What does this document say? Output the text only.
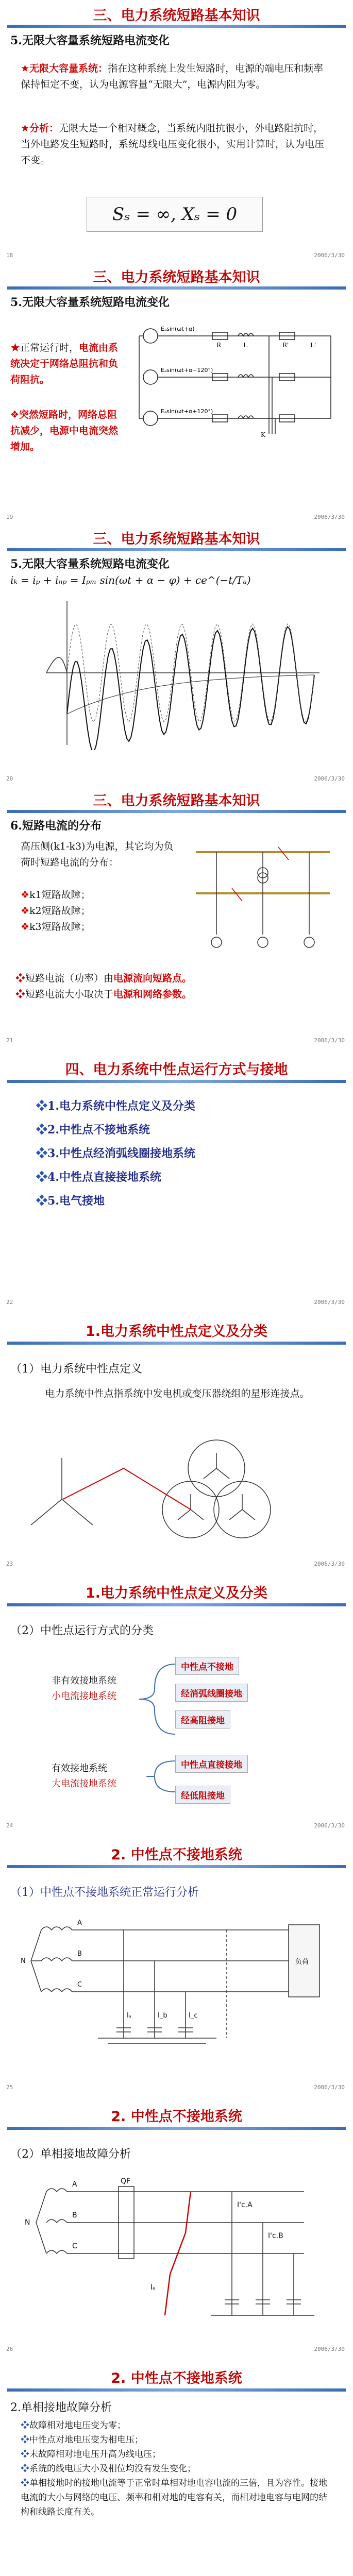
三、电力系统短路基本知识
5.无限大容量系统短路电流变化
★无限大容量系统：指在这种系统上发生短路时，电源的端电压和频率保持恒定不变，认为电源容量“无限大”，电源内阻为零。
★分析：无限大是一个相对概念，当系统内阻抗很小，外电路阻抗时，当外电路发生短路时，系统母线电压变化很小，实用计算时，认为电压不变。
Sₛ = ∞, Xₛ = 0
18	2006/3/30
三、电力系统短路基本知识
5.无限大容量系统短路电流变化
★正常运行时，电流由系统决定于网络总阻抗和负荷阻抗。
❖突然短路时，网络总阻抗减少，电源中电流突然增加。
Eₐsin(ωt+α)
Eₐsin(ωt+α−120°)
Eₐsin(ωt+α+120°)
R	L	R'	L'
K
19	2006/3/30
三、电力系统短路基本知识
5.无限大容量系统短路电流变化
iₖ = iₚ + iₙₚ = Iₚₘ sin(ωt + α − φ) + ce^(−t/Tₐ)
20	2006/3/30
三、电力系统短路基本知识
6.短路电流的分布
高压侧(k1-k3)为电源，其它均为负荷时短路电流的分布：
❖k1短路故障；
❖k2短路故障；
❖k3短路故障；
❖短路电流（功率）由电源流向短路点。
❖短路电流大小取决于电源和网络参数。
21	2006/3/30
四、电力系统中性点运行方式与接地
❖1.电力系统中性点定义及分类
❖2.中性点不接地系统
❖3.中性点经消弧线圈接地系统
❖4.中性点直接接地系统
❖5.电气接地
22	2006/3/30
1.电力系统中性点定义及分类
（1）电力系统中性点定义
电力系统中性点指系统中发电机或变压器绕组的星形连接点。
23	2006/3/30
1.电力系统中性点定义及分类
（2）中性点运行方式的分类
非有效接地系统
小电流接地系统
有效接地系统
大电流接地系统
中性点不接地
经消弧线圈接地
经高阻接地
中性点直接接地
经低阻接地
24	2006/3/30
2. 中性点不接地系统
（1）中性点不接地系统正常运行分析
A
B
C
N	负荷
Iₐ	I_b	I_c
25	2006/3/30
2. 中性点不接地系统
（2）单相接地故障分析
A
B
C
N
QF
I'c.A
I'c.B
Iₑ
26	2006/3/30
2. 中性点不接地系统
2.单相接地故障分析
❖故障相对地电压变为零；
❖中性点对地电压变为相电压；
❖未故障相对地电压升高为线电压；
❖系统的线电压大小及相位均没有发生变化；
❖单相接地时的接地电流等于正常时单相对地电容电流的三倍，且为容性。接地电流的大小与网络的电压、频率和相对地的电容有关，而相对地电容与电网的结构和线路长度有关。
